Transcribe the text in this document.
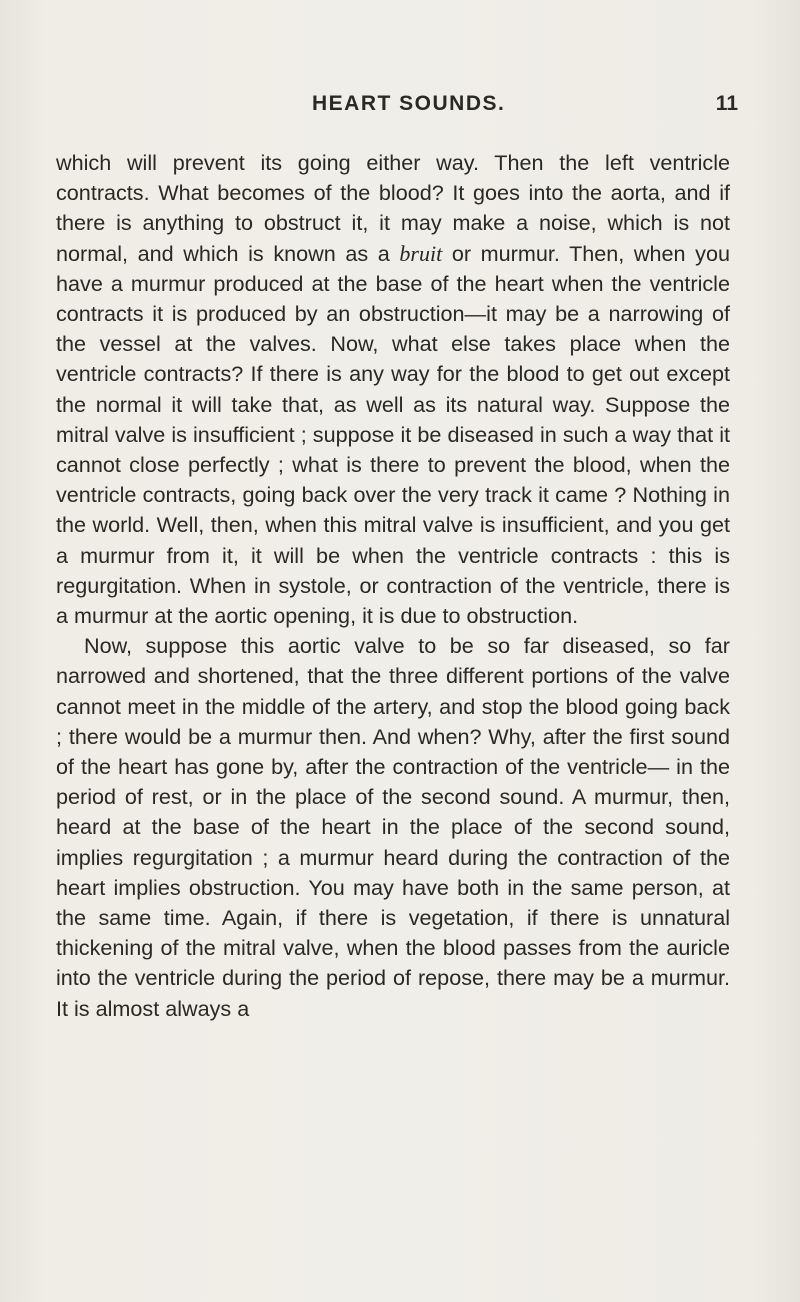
HEART SOUNDS.	11

which will prevent its going either way. Then the left ventricle contracts. What becomes of the blood? It goes into the aorta, and if there is anything to obstruct it, it may make a noise, which is not normal, and which is known as a bruit or murmur. Then, when you have a murmur produced at the base of the heart when the ventricle contracts it is produced by an obstruction—it may be a narrowing of the vessel at the valves. Now, what else takes place when the ventricle contracts? If there is any way for the blood to get out except the normal it will take that, as well as its natural way. Suppose the mitral valve is insufficient ; suppose it be diseased in such a way that it cannot close perfectly ; what is there to prevent the blood, when the ventricle contracts, going back over the very track it came ? Nothing in the world. Well, then, when this mitral valve is insufficient, and you get a murmur from it, it will be when the ventricle contracts : this is regurgitation. When in systole, or contraction of the ventricle, there is a murmur at the aortic opening, it is due to obstruction.

Now, suppose this aortic valve to be so far diseased, so far narrowed and shortened, that the three different portions of the valve cannot meet in the middle of the artery, and stop the blood going back ; there would be a murmur then. And when? Why, after the first sound of the heart has gone by, after the contraction of the ventricle— in the period of rest, or in the place of the second sound. A murmur, then, heard at the base of the heart in the place of the second sound, implies regurgitation ; a murmur heard during the contraction of the heart implies obstruction. You may have both in the same person, at the same time. Again, if there is vegetation, if there is unnatural thickening of the mitral valve, when the blood passes from the auricle into the ventricle during the period of repose, there may be a murmur. It is almost always a
